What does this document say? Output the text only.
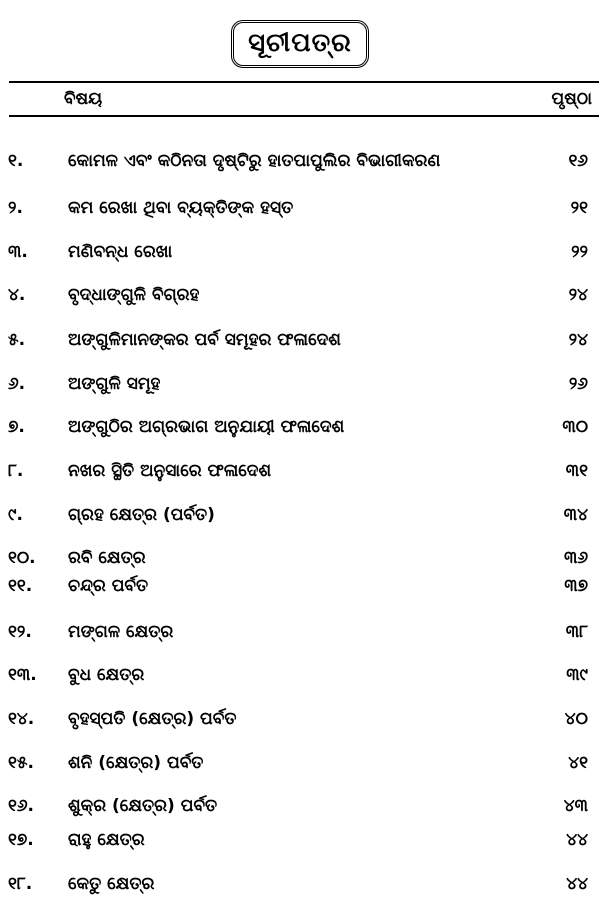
ସୂଚୀପତ୍ର
ବିଷୟ	ପୃଷ୍ଠା
୧.	କୋମଳ ଏବଂ କଠିନତା ଦୃଷ୍ଟିରୁ ହାତପାପୁଲିର ବିଭାଗୀକରଣ	୧୬
୨.	କମ ରେଖା ଥିବା ବ୍ୟକ୍ତିଙ୍କ ହସ୍ତ	୨୧
୩.	ମଣିବନ୍ଧ ରେଖା	୨୨
୪.	ବୃଦ୍ଧାଙ୍ଗୁଳି ବିଗ୍ରହ	୨୪
୫.	ଅଙ୍ଗୁଳିମାନଙ୍କର ପର୍ବ ସମୂହର ଫଳାଦେଶ	୨୪
୬.	ଅଙ୍ଗୁଳି ସମୂହ	୨୬
୭.	ଅଙ୍ଗୁଠିର ଅଗ୍ରଭାଗ ଅନୁଯାୟୀ ଫଳାଦେଶ	୩୦
୮.	ନଖର ସ୍ଥିତି ଅନୁସାରେ ଫଳାଦେଶ	୩୧
୯.	ଗ୍ରହ କ୍ଷେତ୍ର (ପର୍ବତ)	୩୪
୧୦.	ରବି କ୍ଷେତ୍ର	୩୬
୧୧.	ଚନ୍ଦ୍ର ପର୍ବତ	୩୭
୧୨.	ମଙ୍ଗଳ କ୍ଷେତ୍ର	୩୮
୧୩.	ବୁଧ କ୍ଷେତ୍ର	୩୯
୧୪.	ବୃହସ୍ପତି (କ୍ଷେତ୍ର) ପର୍ବତ	୪୦
୧୫.	ଶନି (କ୍ଷେତ୍ର) ପର୍ବତ	୪୧
୧୬.	ଶୁକ୍ର (କ୍ଷେତ୍ର) ପର୍ବତ	୪୩
୧୭.	ରାହୁ କ୍ଷେତ୍ର	୪୪
୧୮.	କେତୁ କ୍ଷେତ୍ର	୪୪
